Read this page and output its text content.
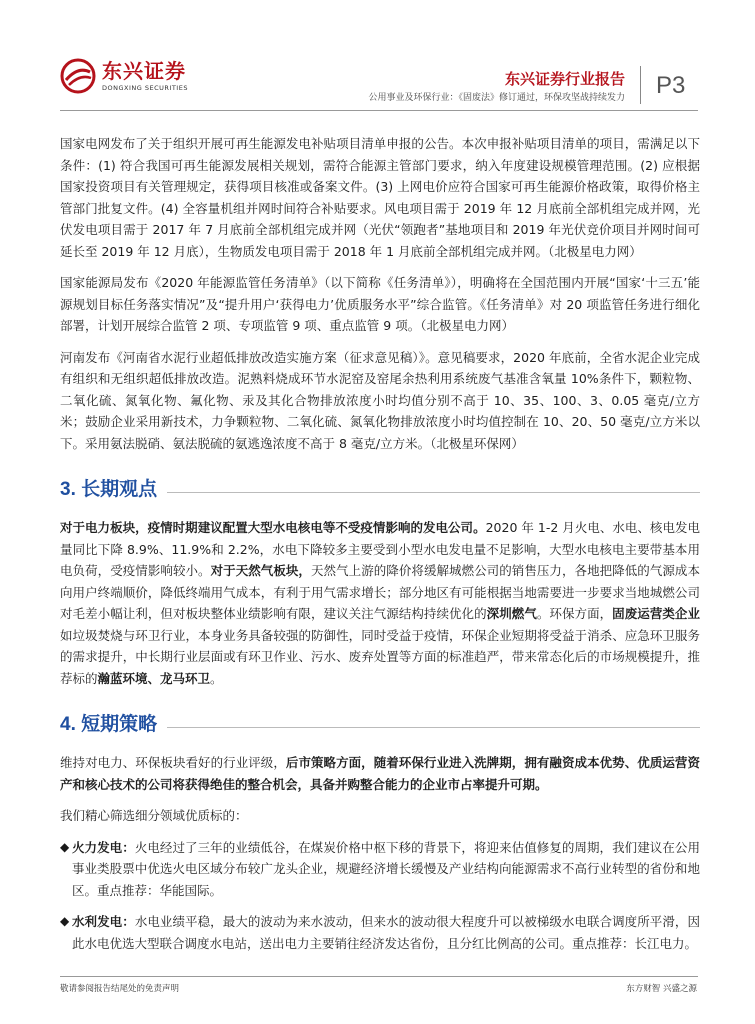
东兴证券
DONGXING SECURITIES	东兴证券行业报告
公用事业及环保行业：《固废法》修订通过，环保攻坚战持续发力 P3

国家电网发布了关于组织开展可再生能源发电补贴项目清单申报的公告。本次申报补贴项目清单的项目，需满足以下条件：(1) 符合我国可再生能源发展相关规划，需符合能源主管部门要求，纳入年度建设规模管理范围。(2) 应根据国家投资项目有关管理规定，获得项目核准或备案文件。(3) 上网电价应符合国家可再生能源价格政策，取得价格主管部门批复文件。(4) 全容量机组并网时间符合补贴要求。风电项目需于 2019 年 12 月底前全部机组完成并网，光伏发电项目需于 2017 年 7 月底前全部机组完成并网（光伏“领跑者”基地项目和 2019 年光伏竞价项目并网时间可延长至 2019 年 12 月底），生物质发电项目需于 2018 年 1 月底前全部机组完成并网。（北极星电力网）

国家能源局发布《2020 年能源监管任务清单》（以下简称《任务清单》），明确将在全国范围内开展“国家‘十三五’能源规划目标任务落实情况”及“提升用户‘获得电力’优质服务水平”综合监管。《任务清单》对 20 项监管任务进行细化部署，计划开展综合监管 2 项、专项监管 9 项、重点监管 9 项。（北极星电力网）

河南发布《河南省水泥行业超低排放改造实施方案（征求意见稿）》。意见稿要求，2020 年底前，全省水泥企业完成有组织和无组织超低排放改造。泥熟料烧成环节水泥窑及窑尾余热利用系统废气基准含氧量 10%条件下，颗粒物、二氧化硫、氮氧化物、氟化物、汞及其化合物排放浓度小时均值分别不高于 10、35、100、3、0.05 毫克/立方米；鼓励企业采用新技术，力争颗粒物、二氧化硫、氮氧化物排放浓度小时均值控制在 10、20、50 毫克/立方米以下。采用氨法脱硝、氨法脱硫的氨逃逸浓度不高于 8 毫克/立方米。（北极星环保网）

3. 长期观点

对于电力板块，疫情时期建议配置大型水电核电等不受疫情影响的发电公司。2020 年 1-2 月火电、水电、核电发电量同比下降 8.9%、11.9%和 2.2%，水电下降较多主要受到小型水电发电量不足影响，大型水电核电主要带基本用电负荷，受疫情影响较小。对于天然气板块，天然气上游的降价将缓解城燃公司的销售压力，各地把降低的气源成本向用户终端顺价，降低终端用气成本，有利于用气需求增长；部分地区有可能根据当地需要进一步要求当地城燃公司对毛差小幅让利，但对板块整体业绩影响有限，建议关注气源结构持续优化的深圳燃气。环保方面，固废运营类企业如垃圾焚烧与环卫行业，本身业务具备较强的防御性，同时受益于疫情，环保企业短期将受益于消杀、应急环卫服务的需求提升，中长期行业层面或有环卫作业、污水、废弃处置等方面的标准趋严，带来常态化后的市场规模提升，推荐标的瀚蓝环境、龙马环卫。

4. 短期策略

维持对电力、环保板块看好的行业评级，后市策略方面，随着环保行业进入洗牌期，拥有融资成本优势、优质运营资产和核心技术的公司将获得绝佳的整合机会，具备并购整合能力的企业市占率提升可期。

我们精心筛选细分领域优质标的：

◆ 火力发电：火电经过了三年的业绩低谷，在煤炭价格中枢下移的背景下，将迎来估值修复的周期，我们建议在公用事业类股票中优选火电区域分布较广龙头企业，规避经济增长缓慢及产业结构向能源需求不高行业转型的省份和地区。重点推荐：华能国际。

◆ 水利发电：水电业绩平稳，最大的波动为来水波动，但来水的波动很大程度升可以被梯级水电联合调度所平滑，因此水电优选大型联合调度水电站，送出电力主要销往经济发达省份，且分红比例高的公司。重点推荐：长江电力。

敬请参阅报告结尾处的免责声明	东方财智 兴盛之源
